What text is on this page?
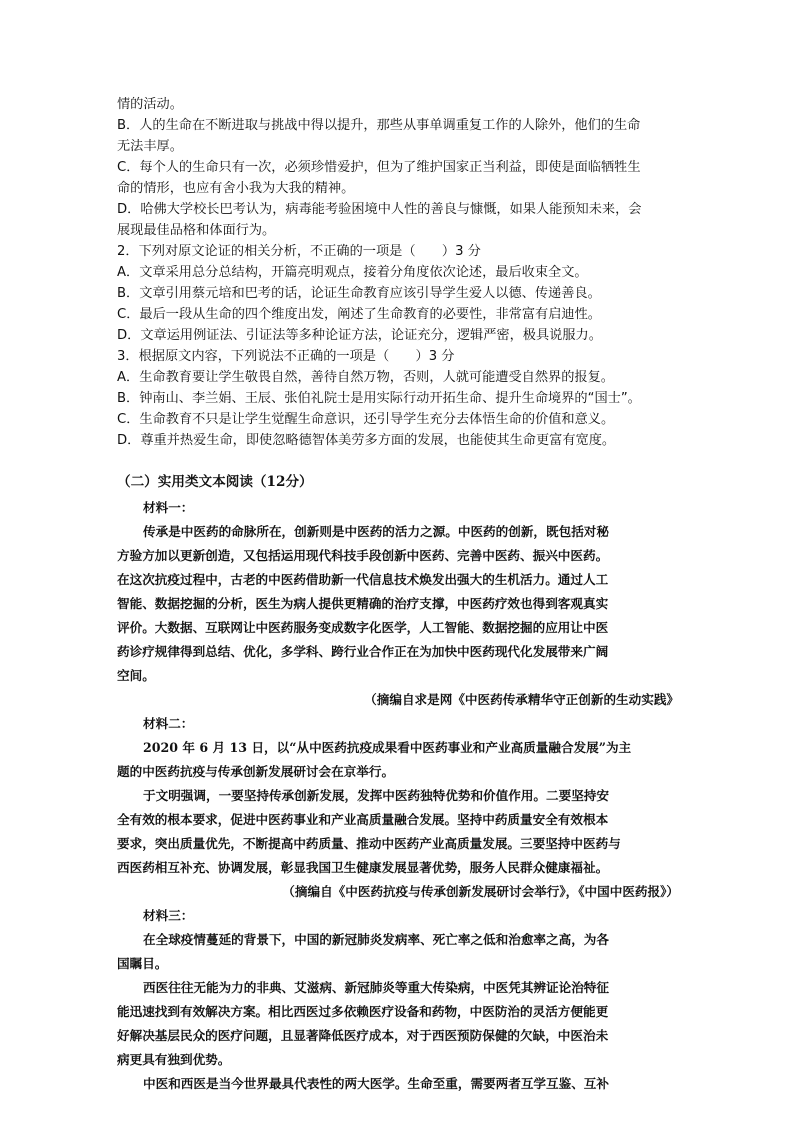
情的活动。

B．人的生命在不断进取与挑战中得以提升，那些从事单调重复工作的人除外，他们的生命

无法丰厚。

C．每个人的生命只有一次，必须珍惜爱护，但为了维护国家正当利益，即使是面临牺牲生

命的情形，也应有舍小我为大我的精神。

D．哈佛大学校长巴考认为，病毒能考验困境中人性的善良与慷慨，如果人能预知未来，会

展现最佳品格和体面行为。

2．下列对原文论证的相关分析，不正确的一项是（　　）3 分

A．文章采用总分总结构，开篇亮明观点，接着分角度依次论述，最后收束全文。

B．文章引用蔡元培和巴考的话，论证生命教育应该引导学生爱人以德、传递善良。

C．最后一段从生命的四个维度出发，阐述了生命教育的必要性，非常富有启迪性。

D．文章运用例证法、引证法等多种论证方法，论证充分，逻辑严密，极具说服力。

3．根据原文内容，下列说法不正确的一项是（　　）3 分

A．生命教育要让学生敬畏自然，善待自然万物，否则，人就可能遭受自然界的报复。

B．钟南山、李兰娟、王辰、张伯礼院士是用实际行动开拓生命、提升生命境界的“国士”。

C．生命教育不只是让学生觉醒生命意识，还引导学生充分去体悟生命的价值和意义。

D．尊重并热爱生命，即使忽略德智体美劳多方面的发展，也能使其生命更富有宽度。

（二）实用类文本阅读（12分）

材料一：

传承是中医药的命脉所在，创新则是中医药的活力之源。中医药的创新，既包括对秘

方验方加以更新创造，又包括运用现代科技手段创新中医药、完善中医药、振兴中医药。

在这次抗疫过程中，古老的中医药借助新一代信息技术焕发出强大的生机活力。通过人工

智能、数据挖掘的分析，医生为病人提供更精确的治疗支撑，中医药疗效也得到客观真实

评价。大数据、互联网让中医药服务变成数字化医学，人工智能、数据挖掘的应用让中医

药诊疗规律得到总结、优化，多学科、跨行业合作正在为加快中医药现代化发展带来广阔

空间。

（摘编自求是网《中医药传承精华守正创新的生动实践》

材料二：

2020 年 6 月 13 日，以“从中医药抗疫成果看中医药事业和产业高质量融合发展”为主

题的中医药抗疫与传承创新发展研讨会在京举行。

于文明强调，一要坚持传承创新发展，发挥中医药独特优势和价值作用。二要坚持安

全有效的根本要求，促进中医药事业和产业高质量融合发展。坚持中药质量安全有效根本

要求，突出质量优先，不断提高中药质量、推动中医药产业高质量发展。三要坚持中医药与

西医药相互补充、协调发展，彰显我国卫生健康发展显著优势，服务人民群众健康福祉。

（摘编自《中医药抗疫与传承创新发展研讨会举行》，《中国中医药报》）

材料三：

在全球疫情蔓延的背景下，中国的新冠肺炎发病率、死亡率之低和治愈率之高，为各

国瞩目。

西医往往无能为力的非典、艾滋病、新冠肺炎等重大传染病，中医凭其辨证论治特征

能迅速找到有效解决方案。相比西医过多依赖医疗设备和药物，中医防治的灵活方便能更

好解决基层民众的医疗问题，且显著降低医疗成本，对于西医预防保健的欠缺，中医治未

病更具有独到优势。

中医和西医是当今世界最具代表性的两大医学。生命至重，需要两者互学互鉴、互补
